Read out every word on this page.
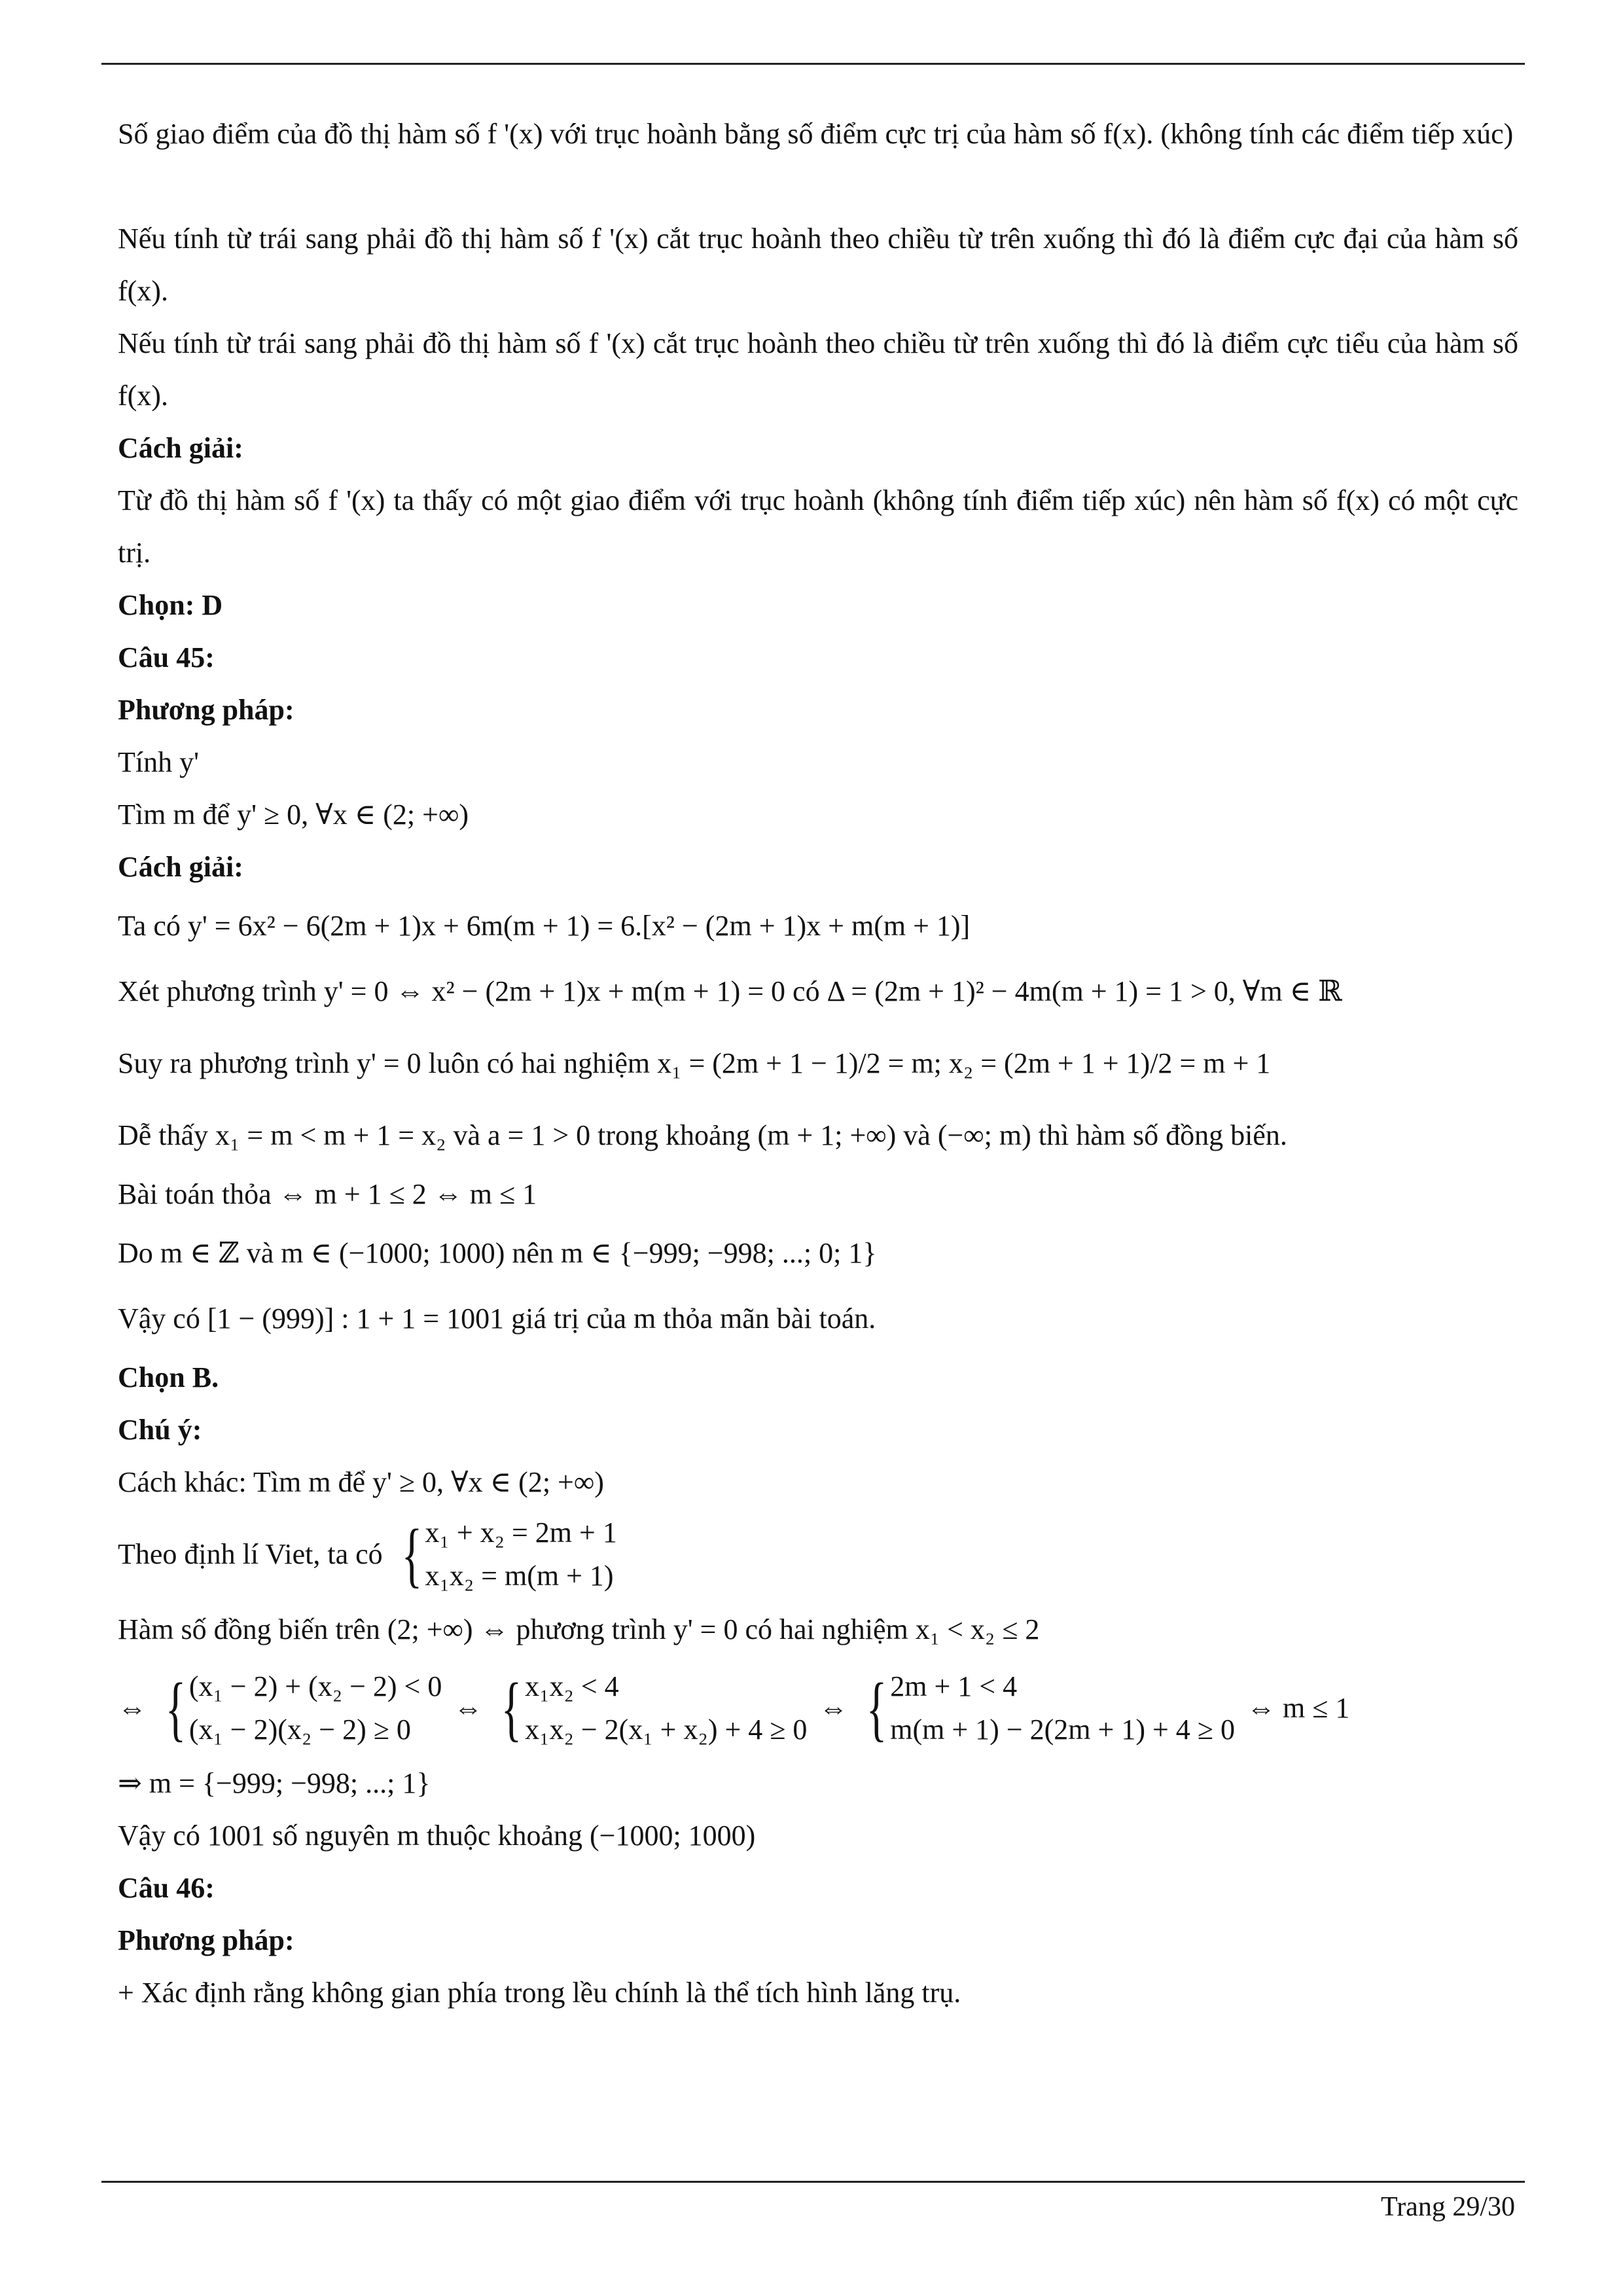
Số giao điểm của đồ thị hàm số f '(x) với trục hoành bằng số điểm cực trị của hàm số f(x). (không tính các điểm tiếp xúc)

Nếu tính từ trái sang phải đồ thị hàm số f '(x) cắt trục hoành theo chiều từ trên xuống thì đó là điểm cực đại của hàm số f(x).

Nếu tính từ trái sang phải đồ thị hàm số f '(x) cắt trục hoành theo chiều từ trên xuống thì đó là điểm cực tiểu của hàm số f(x).

Cách giải:

Từ đồ thị hàm số f '(x) ta thấy có một giao điểm với trục hoành (không tính điểm tiếp xúc) nên hàm số f(x) có một cực trị.

Chọn: D

Câu 45:

Phương pháp:

Tính y'

Tìm m để y' ≥ 0, ∀x ∈ (2; +∞)

Cách giải:

Ta có y' = 6x² − 6(2m + 1)x + 6m(m + 1) = 6.[x² − (2m + 1)x + m(m + 1)]

Xét phương trình y' = 0 ⇔ x² − (2m + 1)x + m(m + 1) = 0 có Δ = (2m + 1)² − 4m(m + 1) = 1 > 0, ∀m ∈ ℝ

Suy ra phương trình y' = 0 luôn có hai nghiệm x₁ = (2m + 1 − 1)/2 = m; x₂ = (2m + 1 + 1)/2 = m + 1

Dễ thấy x₁ = m < m + 1 = x₂ và a = 1 > 0 trong khoảng (m + 1; +∞) và (−∞; m) thì hàm số đồng biến.

Bài toán thỏa ⇔ m + 1 ≤ 2 ⇔ m ≤ 1

Do m ∈ ℤ và m ∈ (−1000; 1000) nên m ∈ {−999; −998; ...; 0; 1}

Vậy có [1 − (999)] : 1 + 1 = 1001 giá trị của m thỏa mãn bài toán.

Chọn B.

Chú ý:

Cách khác: Tìm m để y' ≥ 0, ∀x ∈ (2; +∞)

Theo định lí Viet, ta có { x₁ + x₂ = 2m + 1
x₁x₂ = m(m + 1)

Hàm số đồng biến trên (2; +∞) ⇔ phương trình y' = 0 có hai nghiệm x₁ < x₂ ≤ 2

⇔ { (x₁ − 2) + (x₂ − 2) < 0
(x₁ − 2)(x₂ − 2) ≥ 0
⇔ { x₁x₂ < 4
x₁x₂ − 2(x₁ + x₂) + 4 ≥ 0
⇔ { 2m + 1 < 4
m(m + 1) − 2(2m + 1) + 4 ≥ 0
⇔ m ≤ 1

⇒ m = {−999; −998; ...; 1}

Vậy có 1001 số nguyên m thuộc khoảng (−1000; 1000)

Câu 46:

Phương pháp:

+ Xác định rằng không gian phía trong lều chính là thể tích hình lăng trụ.

Trang 29/30
